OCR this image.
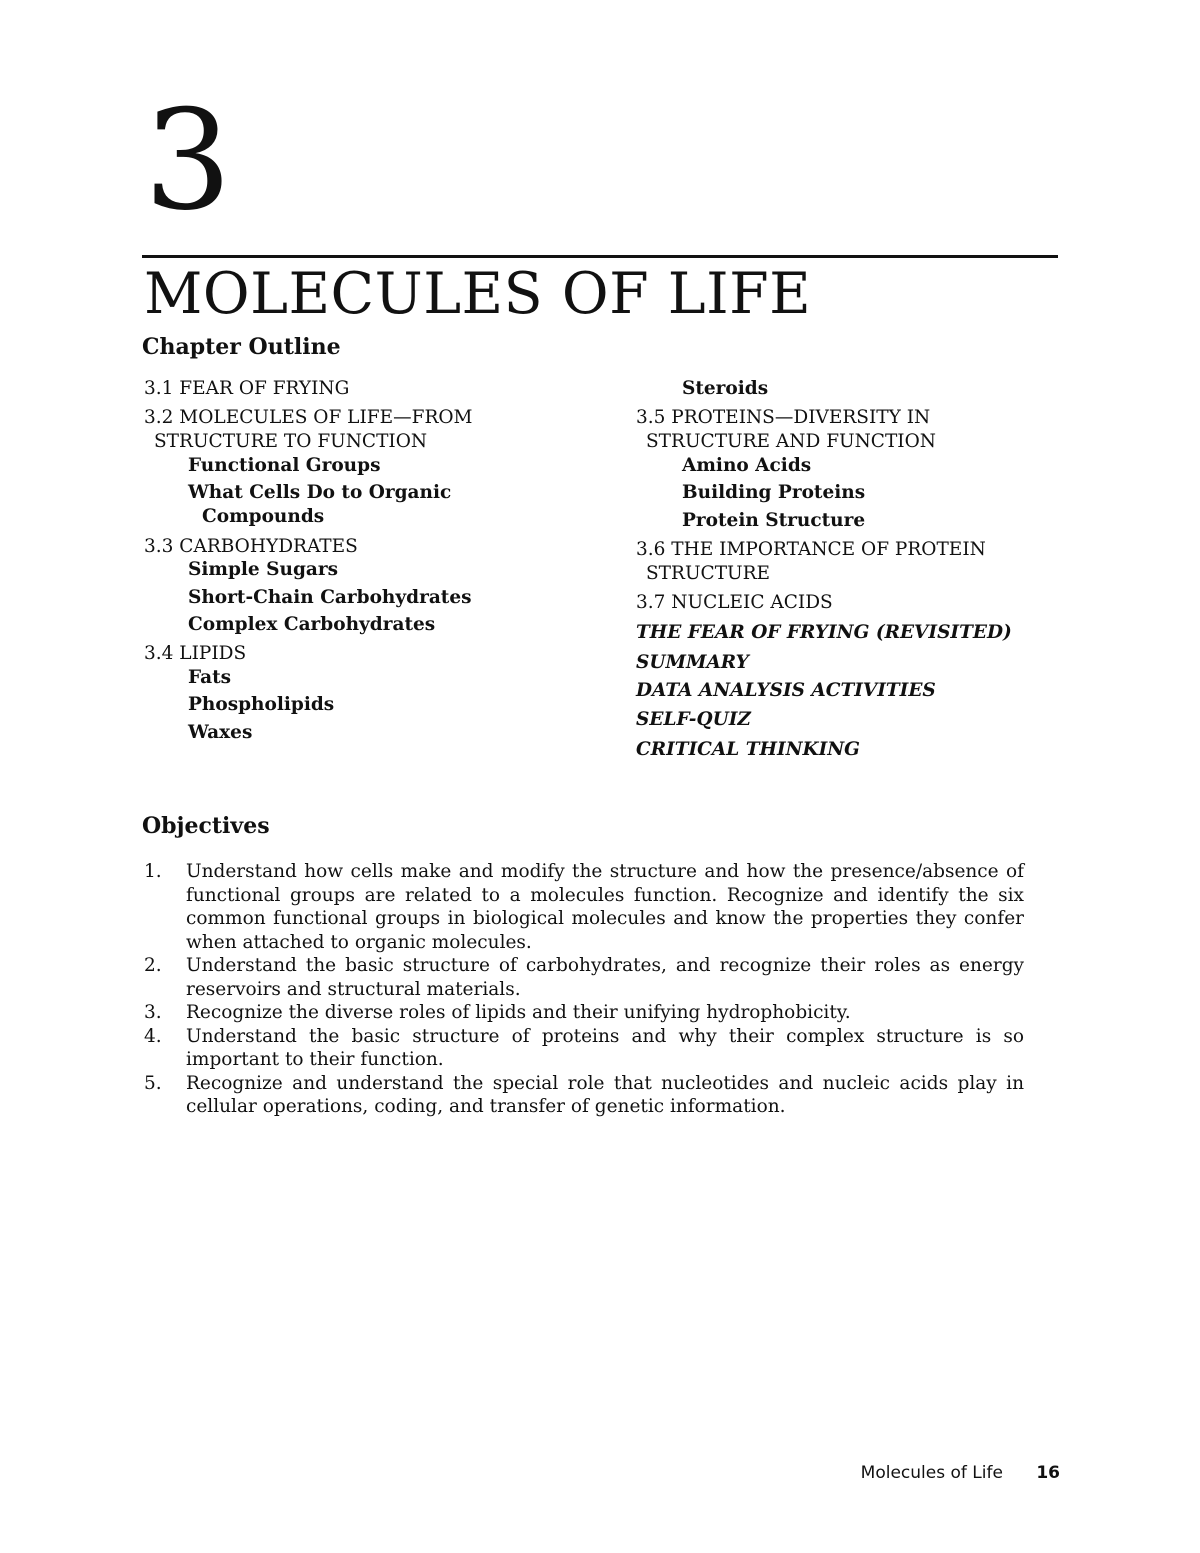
3
MOLECULES OF LIFE
Chapter Outline
3.1 FEAR OF FRYING
3.2 MOLECULES OF LIFE—FROM
STRUCTURE TO FUNCTION
Functional Groups
What Cells Do to Organic
Compounds
3.3 CARBOHYDRATES
Simple Sugars
Short-Chain Carbohydrates
Complex Carbohydrates
3.4 LIPIDS
Fats
Phospholipids
Waxes
Steroids
3.5 PROTEINS—DIVERSITY IN
STRUCTURE AND FUNCTION
Amino Acids
Building Proteins
Protein Structure
3.6 THE IMPORTANCE OF PROTEIN
STRUCTURE
3.7 NUCLEIC ACIDS
THE FEAR OF FRYING (REVISITED)
SUMMARY
DATA ANALYSIS ACTIVITIES
SELF-QUIZ
CRITICAL THINKING
Objectives
1. Understand how cells make and modify the structure and how the presence/absence of functional groups are related to a molecules function. Recognize and identify the six common functional groups in biological molecules and know the properties they confer when attached to organic molecules.
2. Understand the basic structure of carbohydrates, and recognize their roles as energy reservoirs and structural materials.
3. Recognize the diverse roles of lipids and their unifying hydrophobicity.
4. Understand the basic structure of proteins and why their complex structure is so important to their function.
5. Recognize and understand the special role that nucleotides and nucleic acids play in cellular operations, coding, and transfer of genetic information.
Molecules of Life 16
